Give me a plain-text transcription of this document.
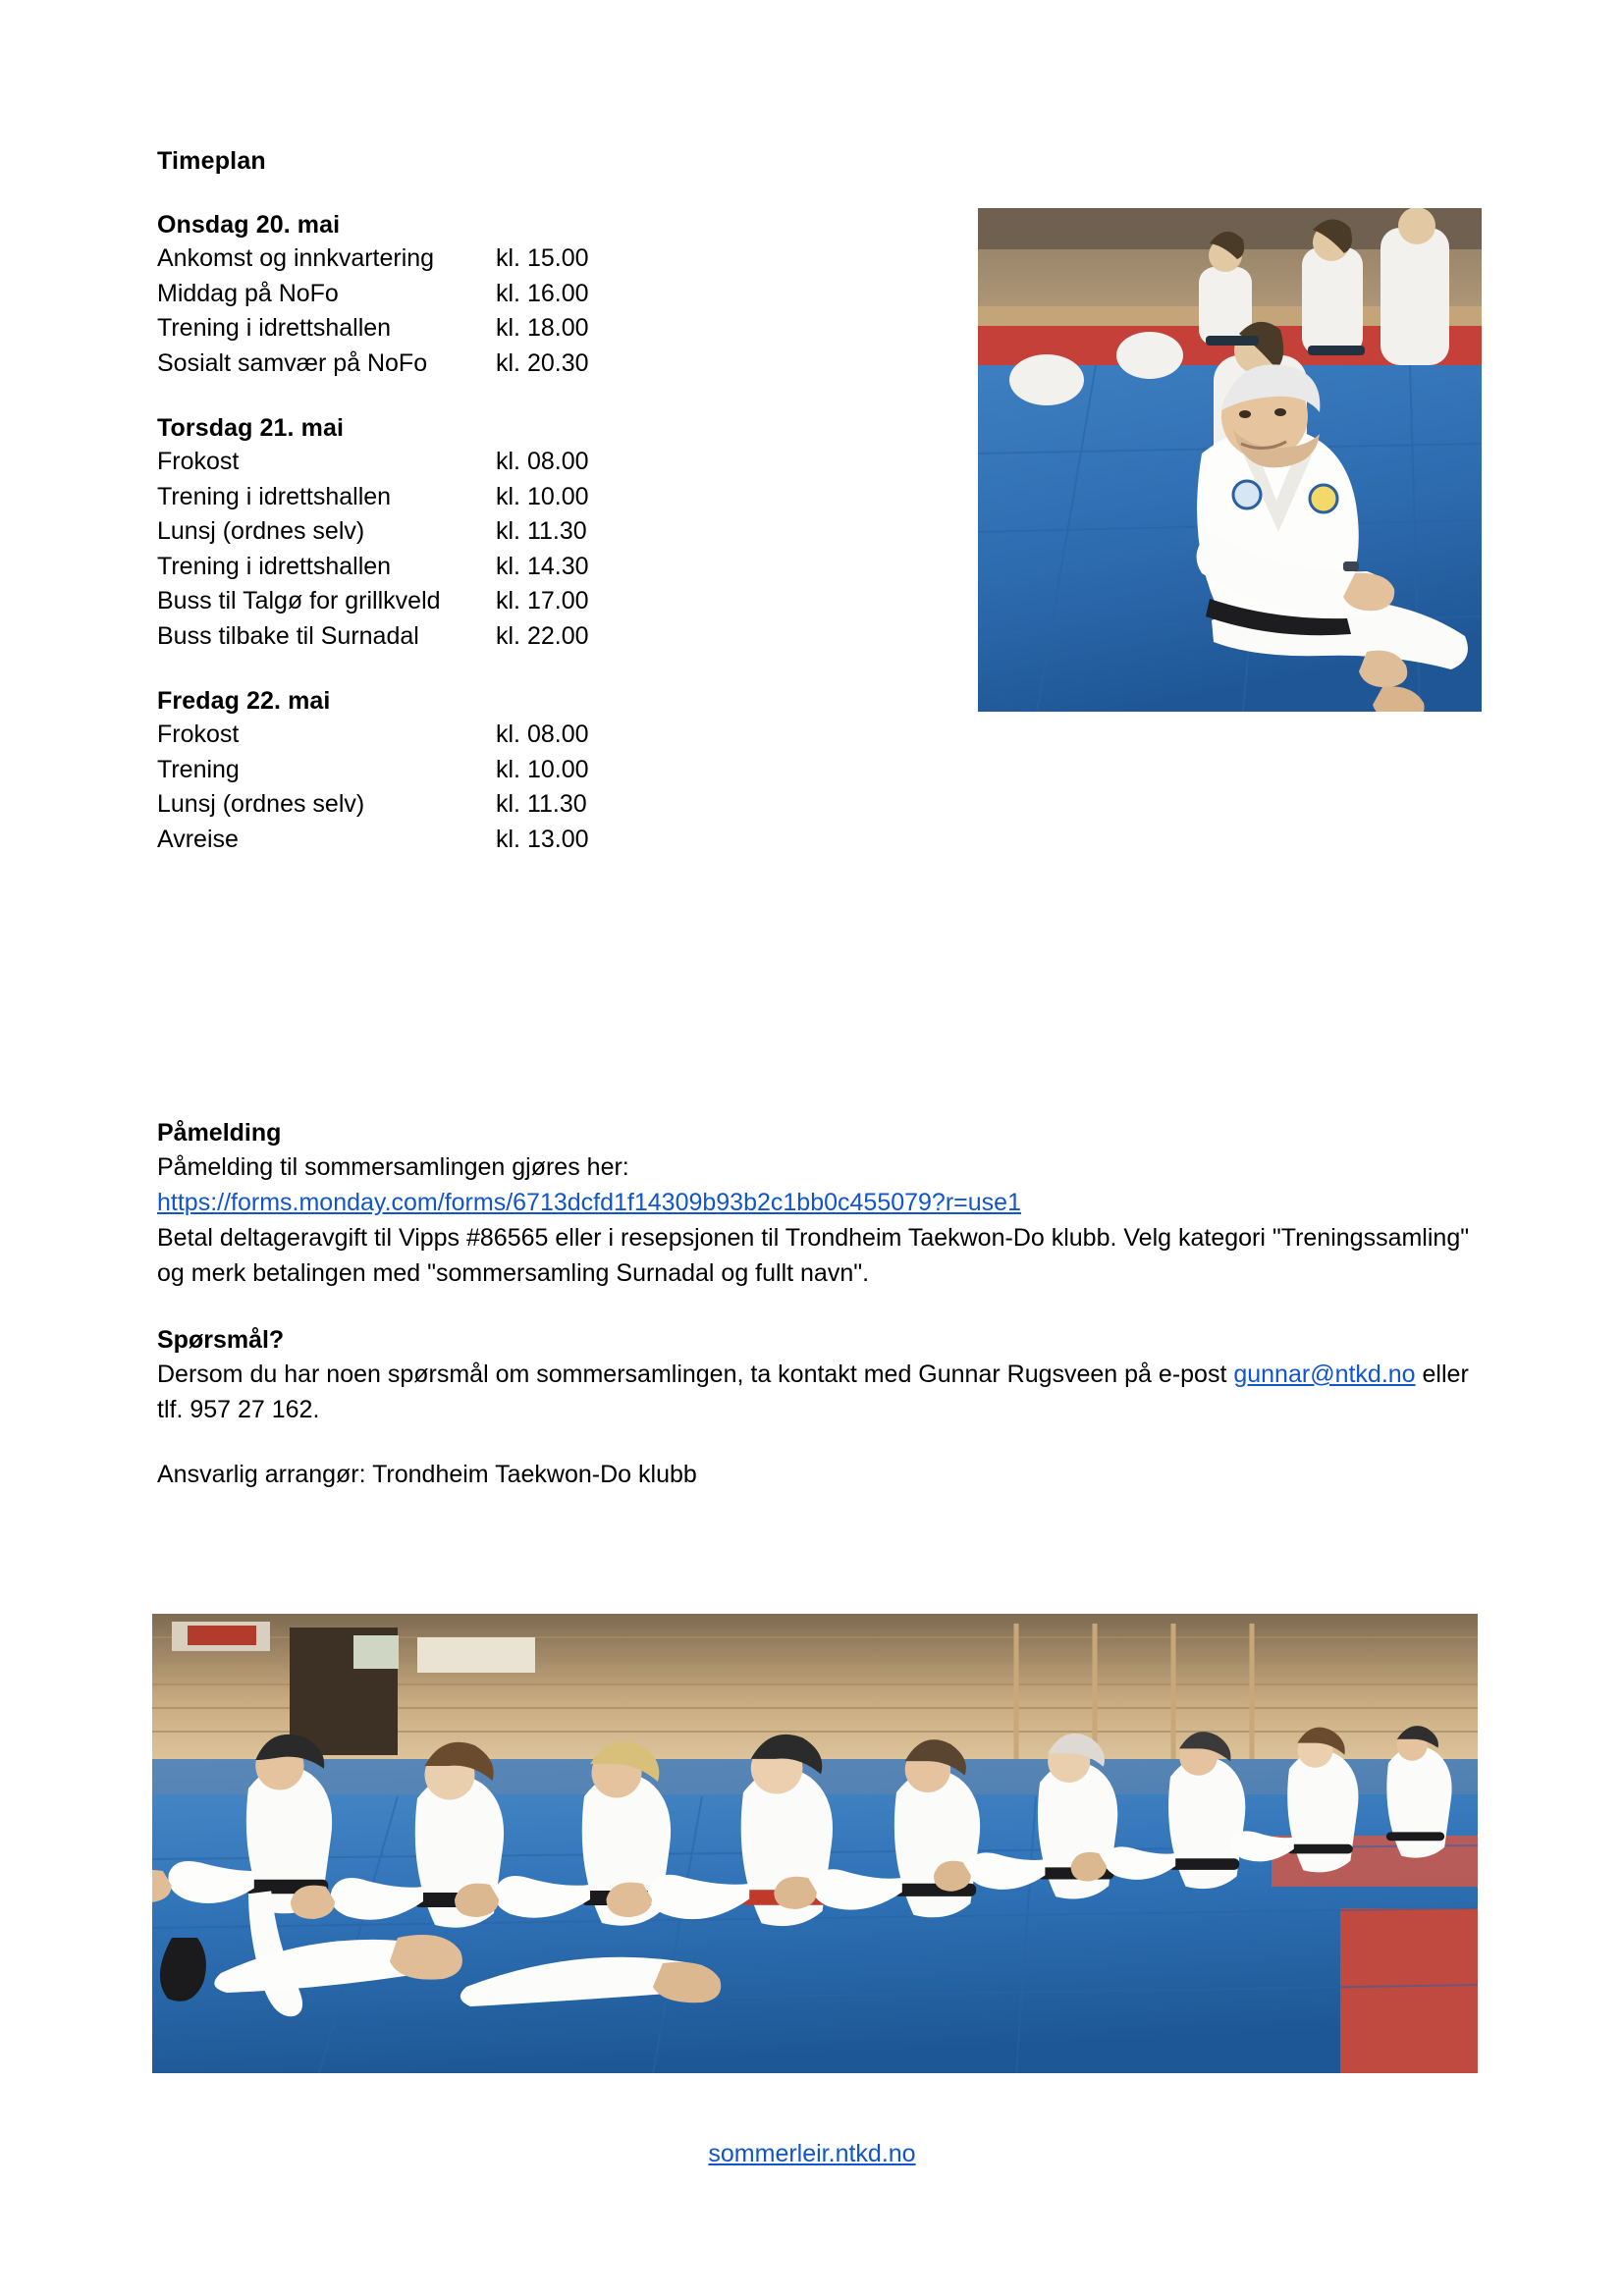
Timeplan
Onsdag 20. mai
Ankomst og innkvartering	kl. 15.00
Middag på NoFo	kl. 16.00
Trening i idrettshallen	kl. 18.00
Sosialt samvær på NoFo	kl. 20.30
Torsdag 21. mai
Frokost	kl. 08.00
Trening i idrettshallen	kl. 10.00
Lunsj (ordnes selv)	kl. 11.30
Trening i idrettshallen	kl. 14.30
Buss til Talgø for grillkveld	kl. 17.00
Buss tilbake til Surnadal	kl. 22.00
Fredag 22. mai
Frokost	kl. 08.00
Trening	kl. 10.00
Lunsj (ordnes selv)	kl. 11.30
Avreise	kl. 13.00
Påmelding

Påmelding til sommersamlingen gjøres her:

https://forms.monday.com/forms/6713dcfd1f14309b93b2c1bb0c455079?r=use1

Betal deltageravgift til Vipps #86565 eller i resepsjonen til Trondheim Taekwon-Do klubb. Velg kategori "Treningssamling" og merk betalingen med "sommersamling Surnadal og fullt navn".

Spørsmål?

Dersom du har noen spørsmål om sommersamlingen, ta kontakt med Gunnar Rugsveen på e-post gunnar@ntkd.no eller tlf. 957 27 162.

Ansvarlig arrangør: Trondheim Taekwon-Do klubb

sommerleir.ntkd.no
